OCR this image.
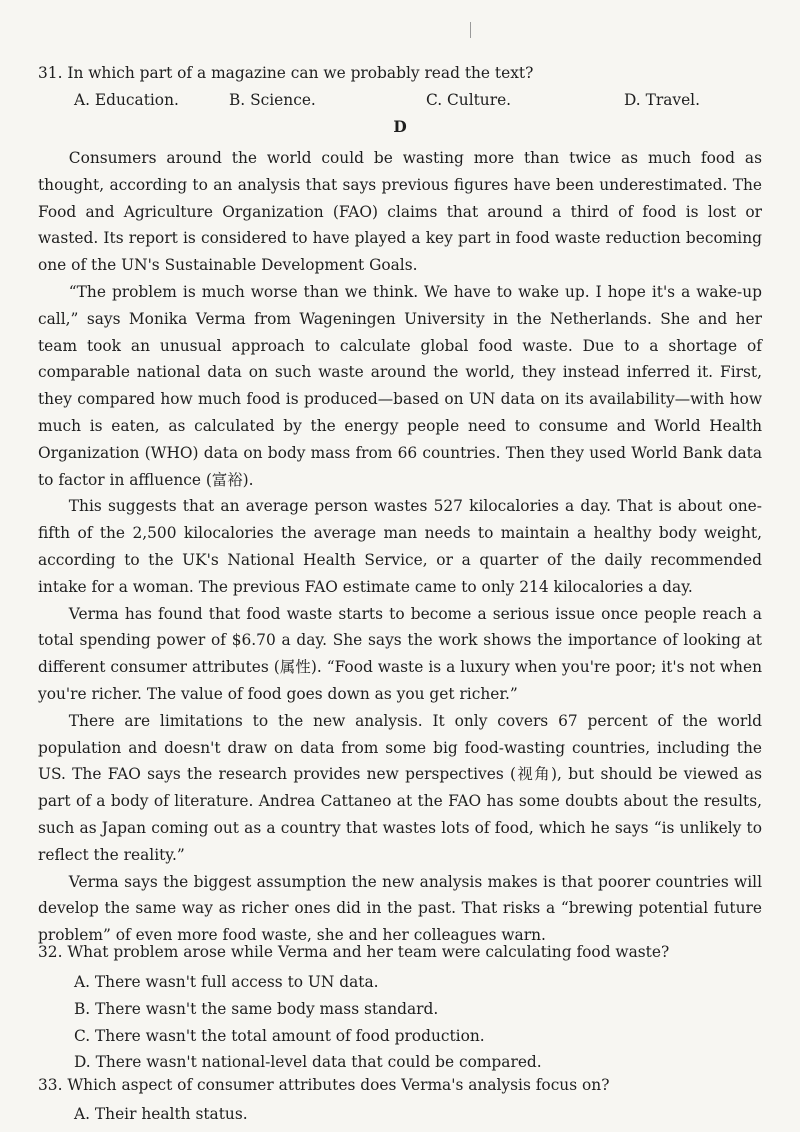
31. In which part of a magazine can we probably read the text?
A. Education.	B. Science.	C. Culture.	D. Travel.
D

Consumers around the world could be wasting more than twice as much food as thought, according to an analysis that says previous figures have been underestimated. The Food and Agriculture Organization (FAO) claims that around a third of food is lost or wasted. Its report is considered to have played a key part in food waste reduction becoming one of the UN's Sustainable Development Goals.

“The problem is much worse than we think. We have to wake up. I hope it's a wake-up call,” says Monika Verma from Wageningen University in the Netherlands. She and her team took an unusual approach to calculate global food waste. Due to a shortage of comparable national data on such waste around the world, they instead inferred it. First, they compared how much food is produced—based on UN data on its availability—with how much is eaten, as calculated by the energy people need to consume and World Health Organization (WHO) data on body mass from 66 countries. Then they used World Bank data to factor in affluence (富裕).

This suggests that an average person wastes 527 kilocalories a day. That is about one-fifth of the 2,500 kilocalories the average man needs to maintain a healthy body weight, according to the UK's National Health Service, or a quarter of the daily recommended intake for a woman. The previous FAO estimate came to only 214 kilocalories a day.

Verma has found that food waste starts to become a serious issue once people reach a total spending power of $6.70 a day. She says the work shows the importance of looking at different consumer attributes (属性). “Food waste is a luxury when you're poor; it's not when you're richer. The value of food goes down as you get richer.”

There are limitations to the new analysis. It only covers 67 percent of the world population and doesn't draw on data from some big food-wasting countries, including the US. The FAO says the research provides new perspectives (视角), but should be viewed as part of a body of literature. Andrea Cattaneo at the FAO has some doubts about the results, such as Japan coming out as a country that wastes lots of food, which he says “is unlikely to reflect the reality.”

Verma says the biggest assumption the new analysis makes is that poorer countries will develop the same way as richer ones did in the past. That risks a “brewing potential future problem” of even more food waste, she and her colleagues warn.

32. What problem arose while Verma and her team were calculating food waste?
A. There wasn't full access to UN data.
B. There wasn't the same body mass standard.
C. There wasn't the total amount of food production.
D. There wasn't national-level data that could be compared.
33. Which aspect of consumer attributes does Verma's analysis focus on?
A. Their health status.
